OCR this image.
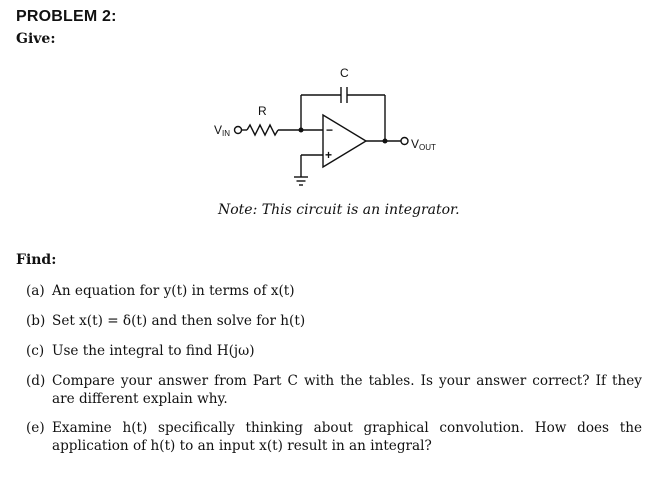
PROBLEM 2:
Give:
C
R
VIN
VOUT
−
+
Note: This circuit is an integrator.
Find:
(a) An equation for y(t) in terms of x(t)
(b) Set x(t) = δ(t) and then solve for h(t)
(c) Use the integral to find H(jω)
(d) Compare your answer from Part C with the tables. Is your answer correct? If they are different explain why.
(e) Examine h(t) specifically thinking about graphical convolution. How does the application of h(t) to an input x(t) result in an integral?
